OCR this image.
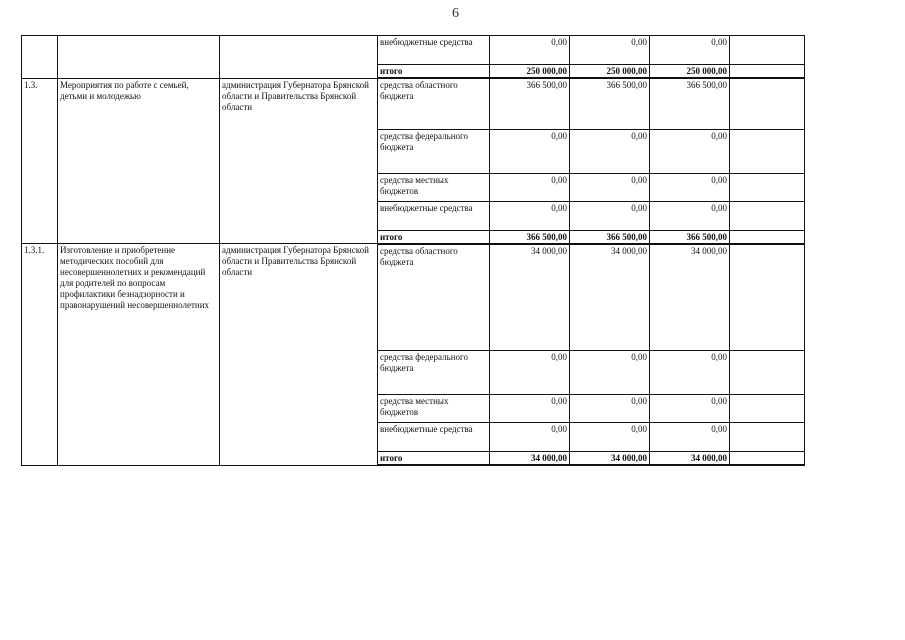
6
			внебюджетные средства	0,00	0,00	0,00	
			итого	250 000,00	250 000,00	250 000,00	
1.3.	Мероприятия по работе с семьей, детьми и молодежью	администрация Губернатора Брянской области и Правительства Брянской области	средства областного бюджета	366 500,00	366 500,00	366 500,00	
			средства федерального бюджета	0,00	0,00	0,00	
			средства местных бюджетов	0,00	0,00	0,00	
			внебюджетные средства	0,00	0,00	0,00	
			итого	366 500,00	366 500,00	366 500,00	
1.3.1.	Изготовление и приобретение методических пособий для несовершеннолетних и рекомендаций для родителей по вопросам профилактики безнадзорности и правонарушений несовершеннолетних	администрация Губернатора Брянской области и Правительства Брянской области	средства областного бюджета	34 000,00	34 000,00	34 000,00	
			средства федерального бюджета	0,00	0,00	0,00	
			средства местных бюджетов	0,00	0,00	0,00	
			внебюджетные средства	0,00	0,00	0,00	
			итого	34 000,00	34 000,00	34 000,00	
